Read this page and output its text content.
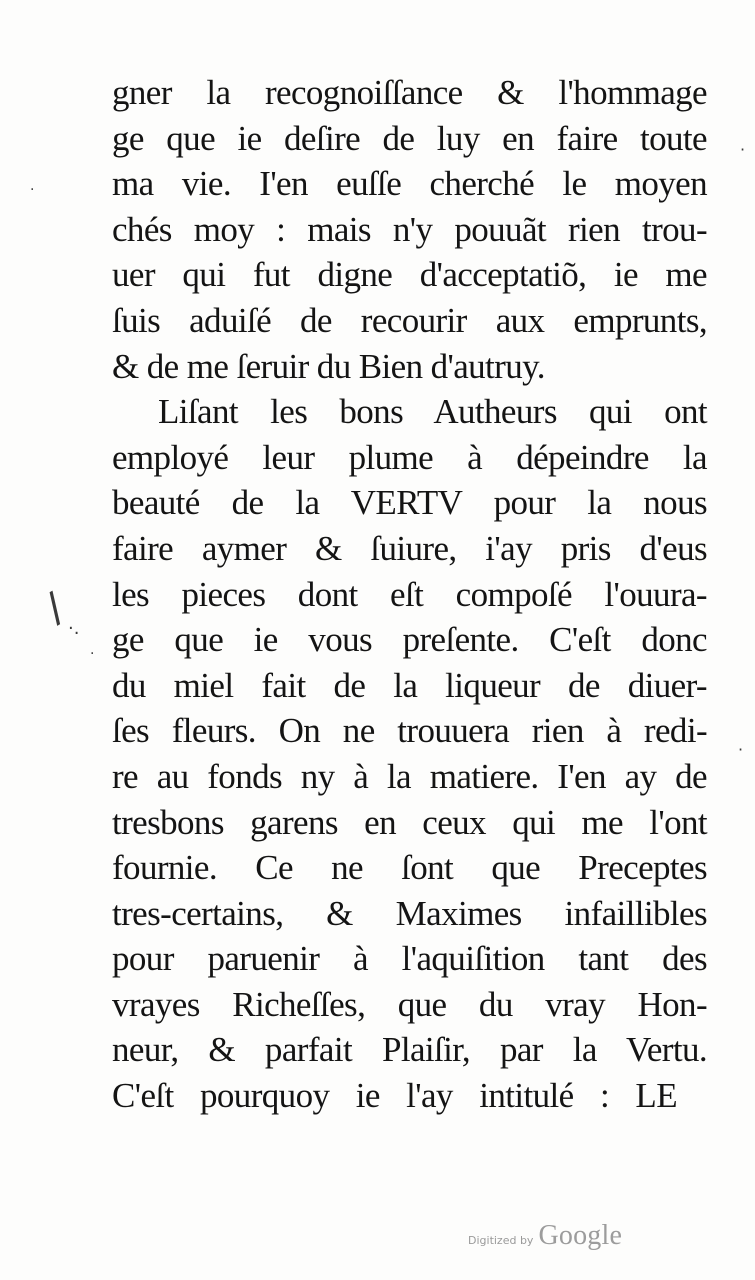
gner la recognoiſſance & l'hommage
ge que ie deſire de luy en faire toute
ma vie. I'en euſſe cherché le moyen
chés moy : mais n'y pouuãt rien trou-
uer qui fut digne d'acceptatiõ, ie me
ſuis aduiſé de recourir aux emprunts,
& de me ſeruir du Bien d'autruy.
Liſant les bons Autheurs qui ont
employé leur plume à dépeindre la
beauté de la VERTV pour la nous
faire aymer & ſuiure, i'ay pris d'eus
les pieces dont eſt compoſé l'ouura-
ge que ie vous preſente. C'eſt donc
du miel fait de la liqueur de diuer-
ſes fleurs. On ne trouuera rien à redi-
re au fonds ny à la matiere. I'en ay de
tresbons garens en ceux qui me l'ont
fournie. Ce ne ſont que Preceptes
tres-certains, & Maximes infaillibles
pour paruenir à l'aquiſition tant des
vrayes Richeſſes, que du vray Hon-
neur, & parfait Plaiſir, par la Vertu.
C'eſt pourquoy ie l'ay intitulé : LE
/
·.
·
·
·
·
Digitized by Google
